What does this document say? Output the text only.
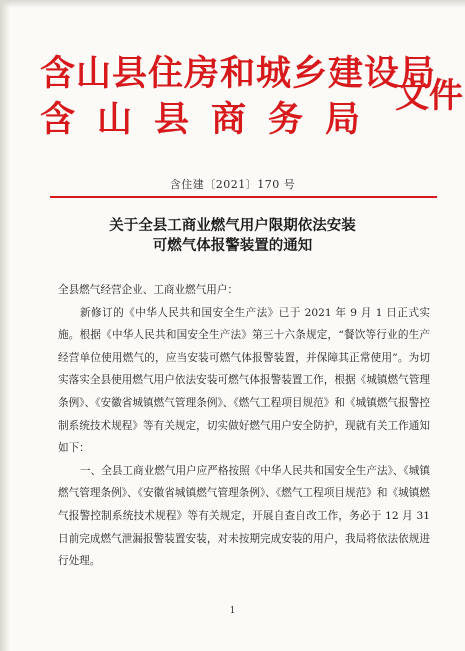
含山县住房和城乡建设局
含山县商务局
文件
含住建〔2021〕170 号
关于全县工商业燃气用户限期依法安装
可燃气体报警装置的通知

全县燃气经营企业、工商业燃气用户：

新修订的《中华人民共和国安全生产法》已于 2021 年 9 月 1 日正式实施。根据《中华人民共和国安全生产法》第三十六条规定，“餐饮等行业的生产经营单位使用燃气的，应当安装可燃气体报警装置，并保障其正常使用”。为切实落实全县使用燃气用户依法安装可燃气体报警装置工作，根据《城镇燃气管理条例》、《安徽省城镇燃气管理条例》、《燃气工程项目规范》和《城镇燃气报警控制系统技术规程》等有关规定，切实做好燃气用户安全防护，现就有关工作通知如下：

一、全县工商业燃气用户应严格按照《中华人民共和国安全生产法》、《城镇燃气管理条例》、《安徽省城镇燃气管理条例》、《燃气工程项目规范》和《城镇燃气报警控制系统技术规程》等有关规定，开展自查自改工作，务必于 12 月 31 日前完成燃气泄漏报警装置安装，对未按期完成安装的用户，我局将依法依规进行处理。

1
